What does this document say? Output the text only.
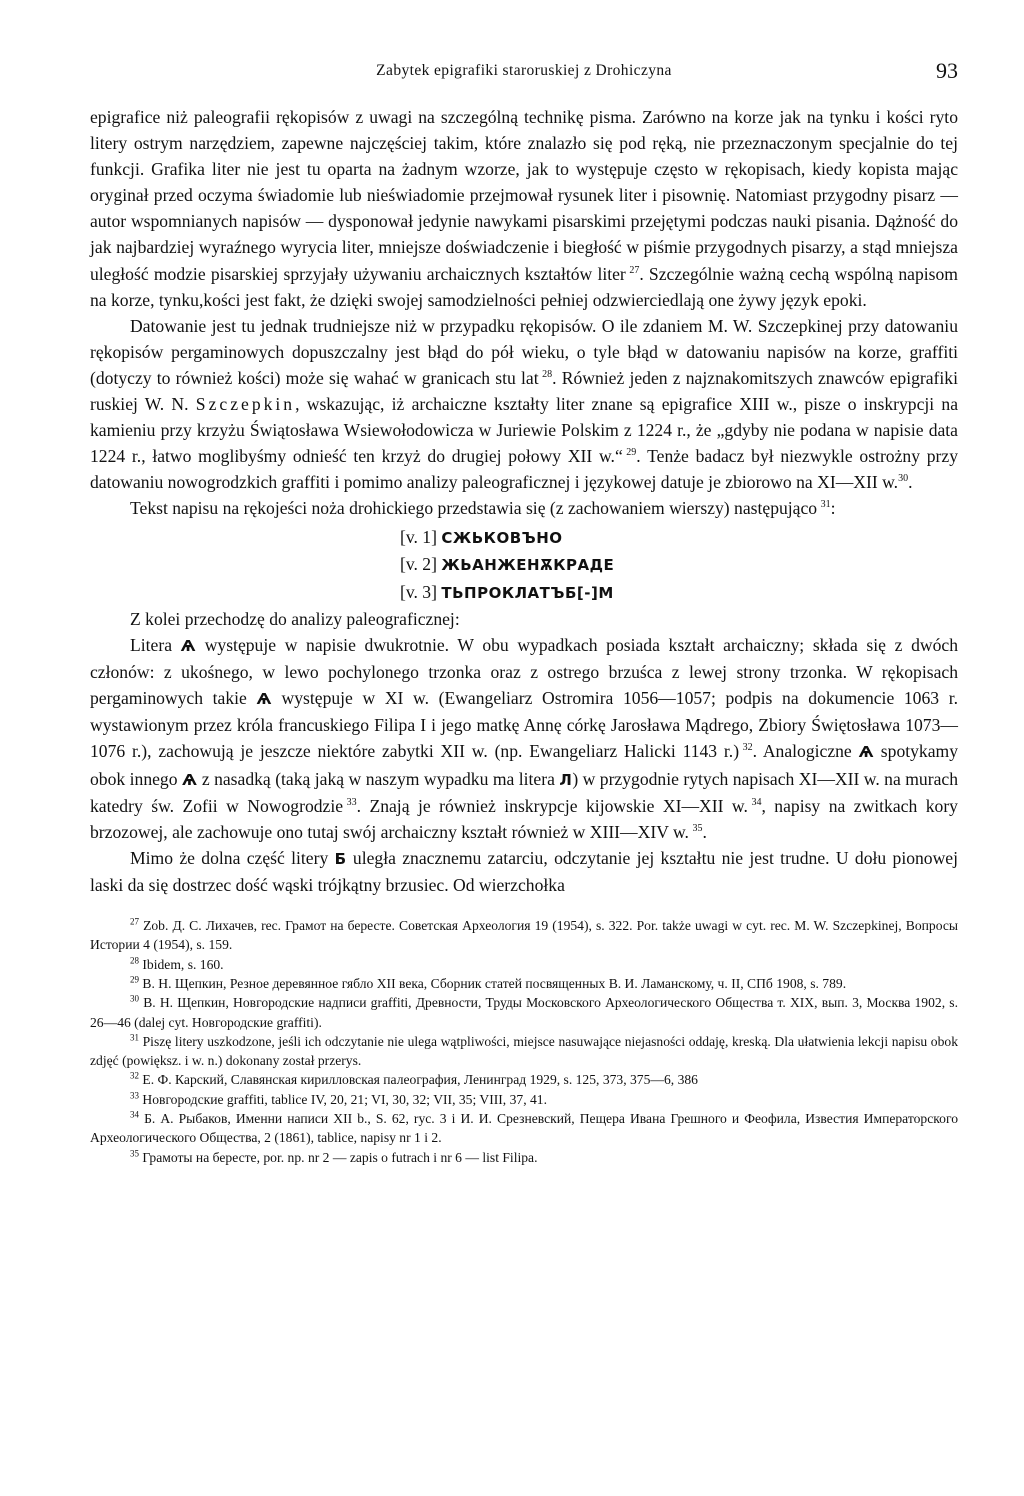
Zabytek epigrafiki staroruskiej z Drohiczyna	93

epigrafice niż paleografii rękopisów z uwagi na szczególną technikę pisma. Zarówno na korze jak na tynku i kości ryto litery ostrym narzędziem, zapewne najczęściej takim, które znalazło się pod ręką, nie przeznaczonym specjalnie do tej funkcji. Grafika liter nie jest tu oparta na żadnym wzorze, jak to występuje często w rękopisach, kiedy kopista mając oryginał przed oczyma świadomie lub nieświadomie przejmował rysunek liter i pisownię. Natomiast przygodny pisarz — autor wspomnianych napisów — dysponował jedynie nawykami pisarskimi przejętymi podczas nauki pisania. Dążność do jak najbardziej wyraźnego wyrycia liter, mniejsze doświadczenie i biegłość w piśmie przygodnych pisarzy, a stąd mniejsza uległość modzie pisarskiej sprzyjały używaniu archaicznych kształtów liter  $^{27}$. Szczególnie ważną cechą wspólną napisom na korze, tynku,kości jest fakt, że dzięki swojej samodzielności pełniej odzwierciedlają one żywy język epoki.

Datowanie jest tu jednak trudniejsze niż w przypadku rękopisów. O ile zdaniem M. W. Szczepkinej przy datowaniu rękopisów pergaminowych dopuszczalny jest błąd do pół wieku, o tyle błąd w datowaniu napisów na korze, graffiti (dotyczy to również kości) może się wahać w granicach stu lat  $^{28}$. Również jeden z najznakomitszych znawców epigrafiki ruskiej W. N. Szczepkin, wskazując, iż archaiczne kształty liter znane są epigrafice XIII w., pisze o inskrypcji na kamieniu przy krzyżu Świątosława Wsiewołodowicza w Juriewie Polskim z 1224 r., że „gdyby nie podana w napisie data 1224 r., łatwo moglibyśmy odnieść ten krzyż do drugiej połowy XII w.“  $^{29}$. Tenże badacz był niezwykle ostrożny przy datowaniu nowogrodzkich graffiti i pomimo analizy paleograficznej i językowej datuje je zbiorowo na XI—XII w.$^{30}$.

Tekst napisu na rękojeści noża drohickiego przedstawia się (z zachowaniem wierszy) następująco  $^{31}$:

[v. 1] СЖЬКОВЪНО
[v. 2] ЖЬАНЖЕНѪКРАДЕ
[v. 3] ТЬПРОКЛАТЪБ[-]М

Z kolei przechodzę do analizy paleograficznej:

Litera Ѧ występuje w napisie dwukrotnie. W obu wypadkach posiada kształt archaiczny; składa się z dwóch członów: z ukośnego, w lewo pochylonego trzonka oraz z ostrego brzuśca z lewej strony trzonka. W rękopisach pergaminowych takie Ѧ występuje w XI w. (Ewangeliarz Ostromira 1056—1057; podpis na dokumencie 1063 r. wystawionym przez króla francuskiego Filipa I i jego matkę Annę córkę Jarosława Mądrego, Zbiory Świętosława 1073— 1076 r.), zachowują je jeszcze niektóre zabytki XII w. (np. Ewangeliarz Halicki 1143 r.)  $^{32}$. Analogiczne Ѧ spotykamy obok innego Ѧ z nasadką (taką jaką w naszym wypadku ma litera Л) w przygodnie rytych napisach XI—XII w. na murach katedry św. Zofii w Nowogrodzie  $^{33}$. Znają je również inskrypcje kijowskie XI—XII w.  $^{34}$, napisy na zwitkach kory brzozowej, ale zachowuje ono tutaj swój archaiczny kształt również w XIII—XIV w.  $^{35}$.

Mimo że dolna część litery Б uległa znacznemu zatarciu, odczytanie jej kształtu nie jest trudne. U dołu pionowej laski da się dostrzec dość wąski trójkątny brzusiec. Od wierzchołka

$^{27}$ Zob. Д. С. Лихачев, rec. Грамот на бересте. Советская Археология 19 (1954), s. 322. Por. także uwagi w cyt. rec. M. W. Szczepkinej, Вопросы Истории 4 (1954), s. 159.

$^{28}$ Ibidem, s. 160.

$^{29}$ В. Н. Щепкин, Резное деревянное гябло XII века, Сборник статей посвященных В. И. Ламанскому, ч. II, СПб 1908, s. 789.

$^{30}$ В. Н. Щепкин, Новгородские надписи graffiti, Древности, Труды Московского Археологического Общества т. XIX, вып. 3, Москва 1902, s. 26—46 (dalej cyt. Новгородские graffiti).

$^{31}$ Piszę litery uszkodzone, jeśli ich odczytanie nie ulega wątpliwości, miejsce nasuwające niejasności oddaję, kreską. Dla ułatwienia lekcji napisu obok zdjęć (powiększ. i w. n.) dokonany został przerys.

$^{32}$ Е. Ф. Карский, Славянская кирилловская палеография, Ленинград 1929, s. 125, 373, 375—6, 386

$^{33}$ Новгородские graffiti, tablice IV, 20, 21; VI, 30, 32; VII, 35; VIII, 37, 41.

$^{34}$ Б. А. Рыбаков, Именни написи XII b., S. 62, ryc. 3 i И. И. Срезневский, Пещера Ивана Грешного и Феофила, Известия Императорского Археологического Общества, 2 (1861), tablice, napisy nr 1 i 2.

$^{35}$ Грамоты на бересте, por. np. nr 2 — zapis o futrach i nr 6 — list Filipa.
